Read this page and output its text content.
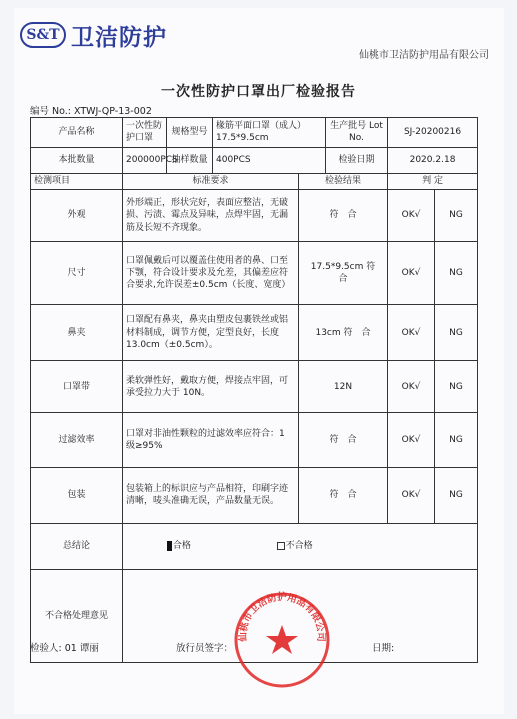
S&T 卫洁防护
仙桃市卫洁防护用品有限公司
一次性防护口罩出厂检验报告
编号 No.: XTWJ-QP-13-002
产品名称	一次性防护口罩	规格型号	椽筋平面口罩（成人）17.5*9.5cm		生产批号 Lot No.	SJ-20200216	
本批数量	200000PCS	抽样数量	400PCS		检验日期	2020.2.18	
检测项目	标准要求			检验结果		判 定	
外观	外形端正，形状完好，表面应整洁，无破损、污渍、霉点及异味，点焊牢固，无漏筋及长短不齐现象。			符　合		OK√	NG
尺寸	口罩佩戴后可以覆盖住使用者的鼻、口至下颚，符合设计要求及允差，其偏差应符合要求,允许误差±0.5cm（长度、宽度）			17.5*9.5cm 符　合		OK√	NG
鼻夹	口罩配有鼻夹，鼻夹由塑皮包裹铁丝或铝材料制成，调节方便，定型良好，长度 13.0cm（±0.5cm）。			13cm 符　合		OK√	NG
口罩带	柔软弹性好，戴取方便，焊接点牢固，可承受拉力大于 10N。			12N		OK√	NG
过滤效率	口罩对非油性颗粒的过滤效率应符合：1 级≥95%			符　合		OK√	NG
包装	包装箱上的标识应与产品相符，印刷字迹清晰，唛头准确无误，产品数量无误。			符　合		OK√	NG
总结论	合格 不合格						
不合格处理意见							
检验人: 01 谭丽	放行员签字：	日期:
仙桃市卫洁防护用品有限公司
